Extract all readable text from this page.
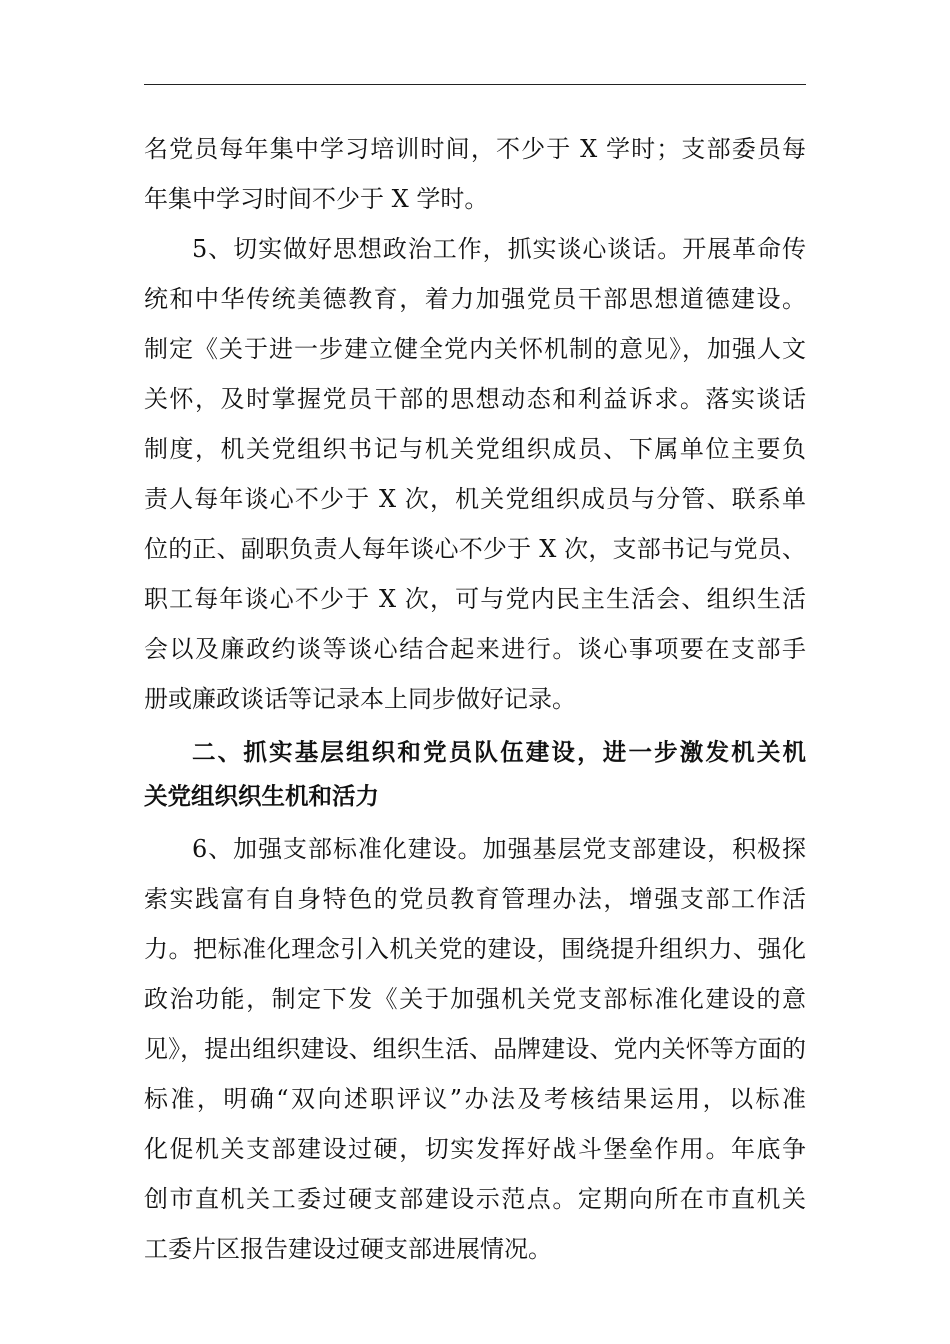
名党员每年集中学习培训时间，不少于 X 学时；支部委员每
年集中学习时间不少于 X 学时。
5、切实做好思想政治工作，抓实谈心谈话。开展革命传
统和中华传统美德教育，着力加强党员干部思想道德建设。
制定《关于进一步建立健全党内关怀机制的意见》，加强人文
关怀，及时掌握党员干部的思想动态和利益诉求。落实谈话
制度，机关党组织书记与机关党组织成员、下属单位主要负
责人每年谈心不少于 X 次，机关党组织成员与分管、联系单
位的正、副职负责人每年谈心不少于 X 次，支部书记与党员、
职工每年谈心不少于 X 次，可与党内民主生活会、组织生活
会以及廉政约谈等谈心结合起来进行。谈心事项要在支部手
册或廉政谈话等记录本上同步做好记录。
二、抓实基层组织和党员队伍建设，进一步激发机关机
关党组织织生机和活力
6、加强支部标准化建设。加强基层党支部建设，积极探
索实践富有自身特色的党员教育管理办法，增强支部工作活
力。把标准化理念引入机关党的建设，围绕提升组织力、强化
政治功能，制定下发《关于加强机关党支部标准化建设的意
见》，提出组织建设、组织生活、品牌建设、党内关怀等方面的
标准，明确“双向述职评议”办法及考核结果运用，以标准
化促机关支部建设过硬，切实发挥好战斗堡垒作用。年底争
创市直机关工委过硬支部建设示范点。定期向所在市直机关
工委片区报告建设过硬支部进展情况。
